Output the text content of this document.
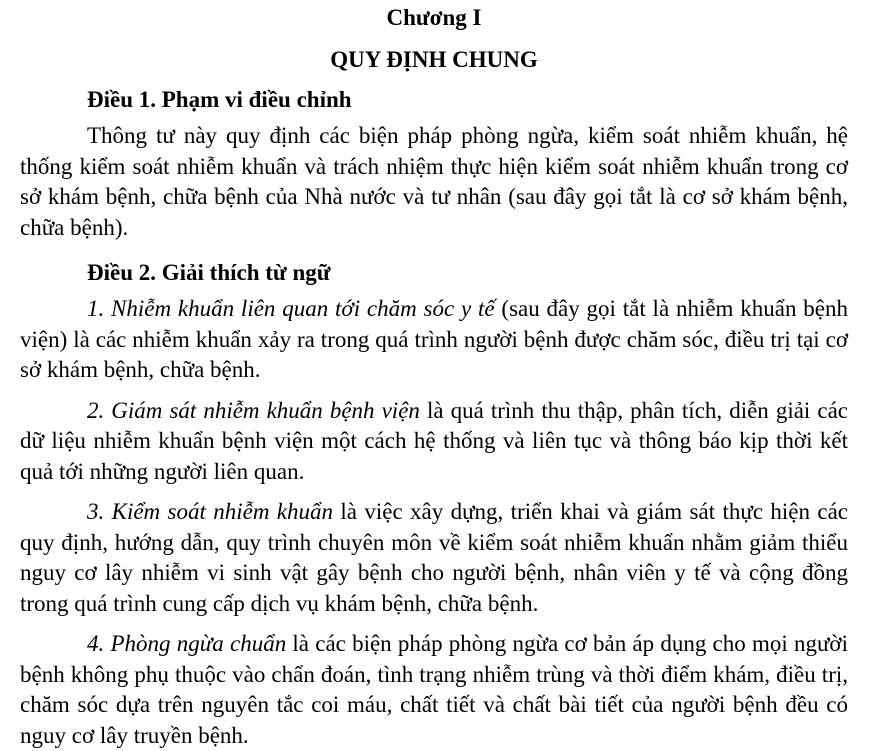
Chương I

QUY ĐỊNH CHUNG

Điều 1. Phạm vi điều chỉnh

Thông tư này quy định các biện pháp phòng ngừa, kiểm soát nhiễm khuẩn, hệ thống kiểm soát nhiễm khuẩn và trách nhiệm thực hiện kiểm soát nhiễm khuẩn trong cơ sở khám bệnh, chữa bệnh của Nhà nước và tư nhân (sau đây gọi tắt là cơ sở khám bệnh, chữa bệnh).

Điều 2. Giải thích từ ngữ

1. Nhiễm khuẩn liên quan tới chăm sóc y tế (sau đây gọi tắt là nhiễm khuẩn bệnh viện) là các nhiễm khuẩn xảy ra trong quá trình người bệnh được chăm sóc, điều trị tại cơ sở khám bệnh, chữa bệnh.

2. Giám sát nhiễm khuẩn bệnh viện là quá trình thu thập, phân tích, diễn giải các dữ liệu nhiễm khuẩn bệnh viện một cách hệ thống và liên tục và thông báo kịp thời kết quả tới những người liên quan.

3. Kiểm soát nhiễm khuẩn là việc xây dựng, triển khai và giám sát thực hiện các quy định, hướng dẫn, quy trình chuyên môn về kiểm soát nhiễm khuẩn nhằm giảm thiểu nguy cơ lây nhiễm vi sinh vật gây bệnh cho người bệnh, nhân viên y tế và cộng đồng trong quá trình cung cấp dịch vụ khám bệnh, chữa bệnh.

4. Phòng ngừa chuẩn là các biện pháp phòng ngừa cơ bản áp dụng cho mọi người bệnh không phụ thuộc vào chẩn đoán, tình trạng nhiễm trùng và thời điểm khám, điều trị, chăm sóc dựa trên nguyên tắc coi máu, chất tiết và chất bài tiết của người bệnh đều có nguy cơ lây truyền bệnh.
